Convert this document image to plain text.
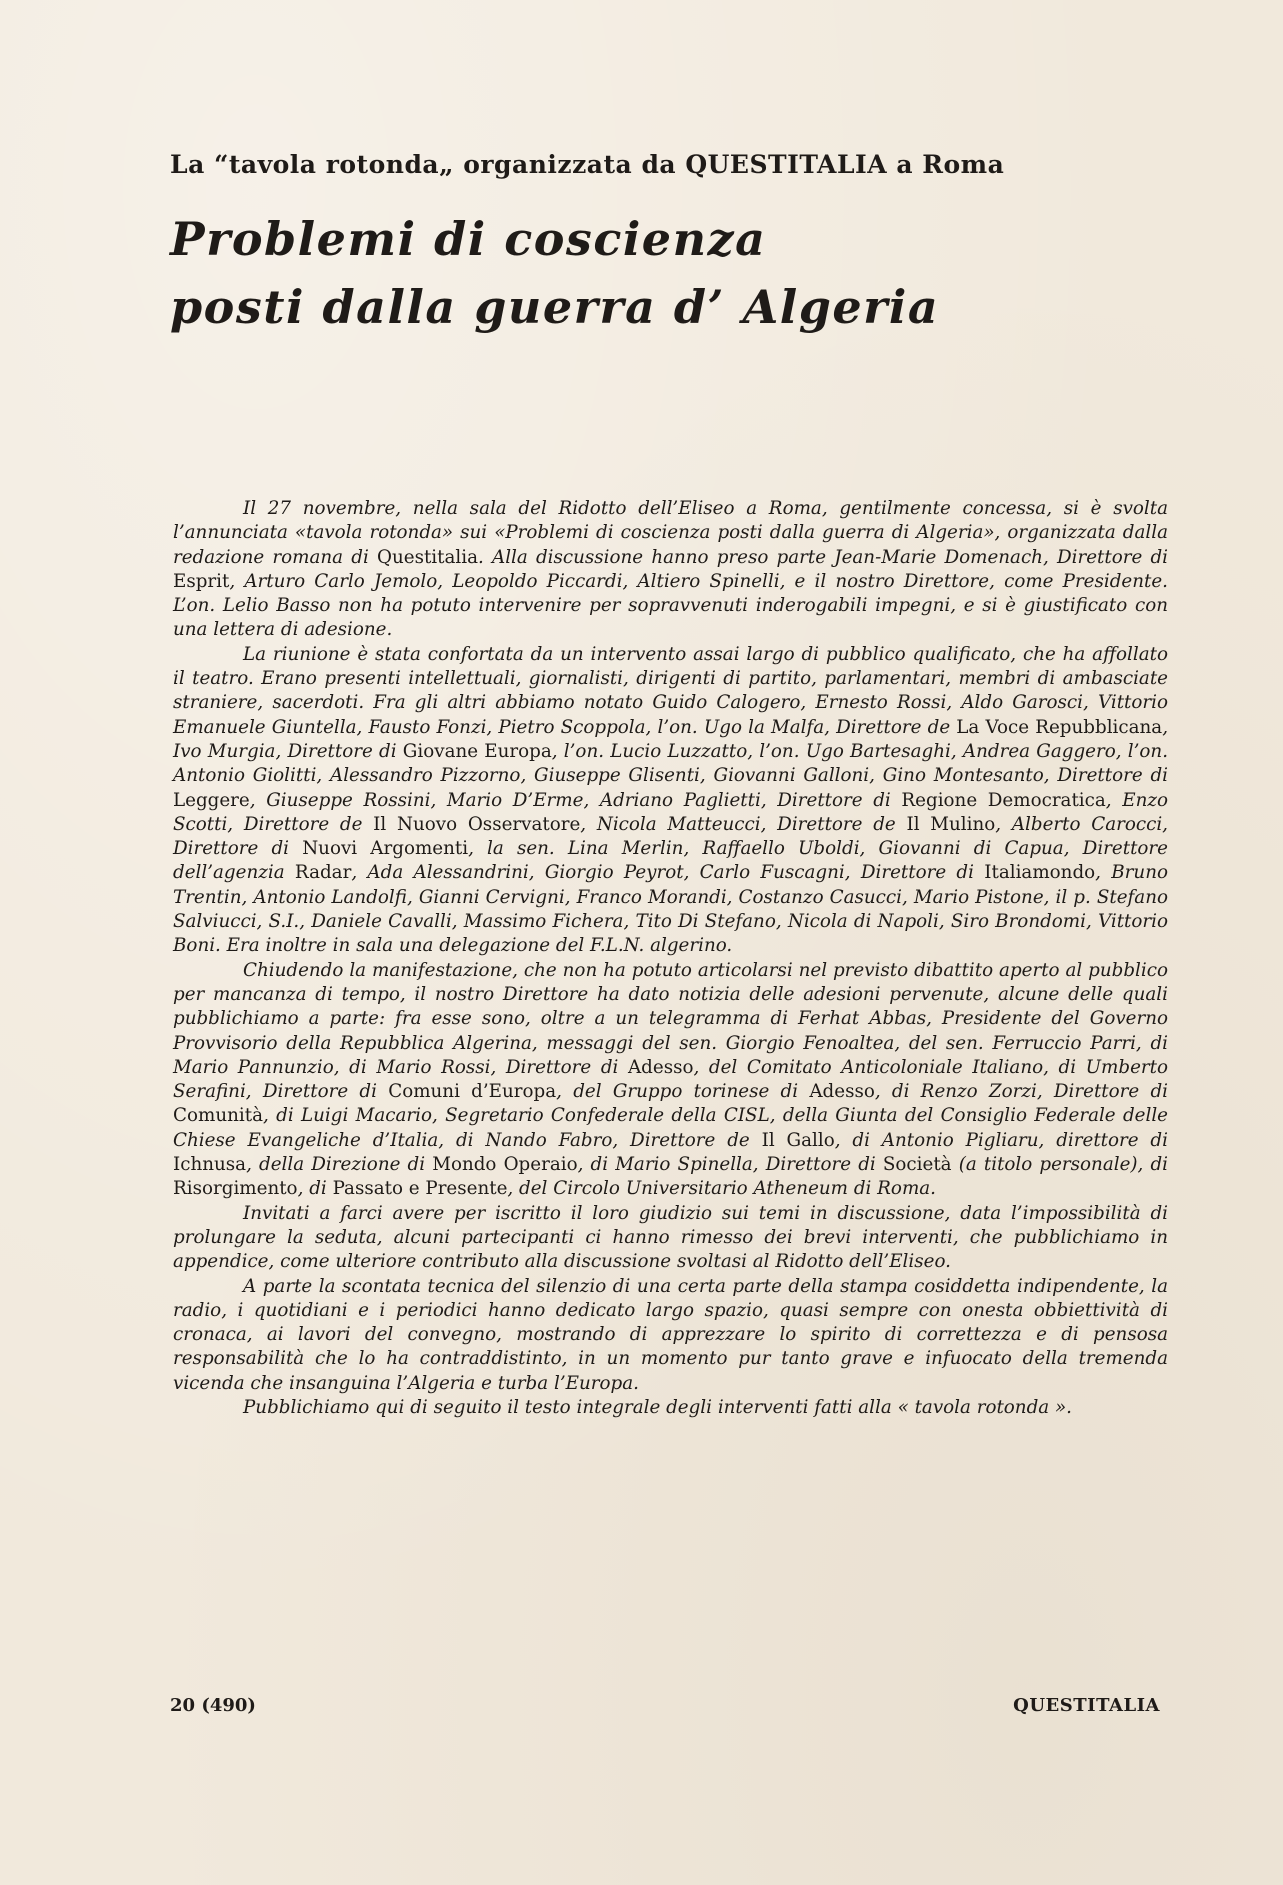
La “tavola rotonda„ organizzata da QUESTITALIA a Roma
Problemi di coscienza
posti dalla guerra d’ Algeria

Il 27 novembre, nella sala del Ridotto dell’Eliseo a Roma, gentilmente concessa, si è svolta l’annunciata «tavola rotonda» sui «Problemi di coscienza posti dalla guerra di Algeria», organizzata dalla redazione romana di Questitalia. Alla discussione hanno preso parte Jean-Marie Domenach, Direttore di Esprit, Arturo Carlo Jemolo, Leopoldo Piccardi, Altiero Spinelli, e il nostro Direttore, come Presidente. L’on. Lelio Basso non ha potuto intervenire per sopravvenuti inderogabili impegni, e si è giustificato con una lettera di adesione.

La riunione è stata confortata da un intervento assai largo di pubblico qualificato, che ha affollato il teatro. Erano presenti intellettuali, giornalisti, dirigenti di partito, parlamentari, membri di ambasciate straniere, sacerdoti. Fra gli altri abbiamo notato Guido Calogero, Ernesto Rossi, Aldo Garosci, Vittorio Emanuele Giuntella, Fausto Fonzi, Pietro Scoppola, l’on. Ugo la Malfa, Direttore de La Voce Repubblicana, Ivo Murgia, Direttore di Giovane Europa, l’on. Lucio Luzzatto, l’on. Ugo Bartesaghi, Andrea Gaggero, l’on. Antonio Giolitti, Alessandro Pizzorno, Giuseppe Glisenti, Giovanni Galloni, Gino Montesanto, Direttore di Leggere, Giuseppe Rossini, Mario D’Erme, Adriano Paglietti, Direttore di Regione Democratica, Enzo Scotti, Direttore de Il Nuovo Osservatore, Nicola Matteucci, Direttore de Il Mulino, Alberto Carocci, Direttore di Nuovi Argomenti, la sen. Lina Merlin, Raffaello Uboldi, Giovanni di Capua, Direttore dell’agenzia Radar, Ada Alessandrini, Giorgio Peyrot, Carlo Fuscagni, Direttore di Italiamondo, Bruno Trentin, Antonio Landolfi, Gianni Cervigni, Franco Morandi, Costanzo Casucci, Mario Pistone, il p. Stefano Salviucci, S.I., Daniele Cavalli, Massimo Fichera, Tito Di Stefano, Nicola di Napoli, Siro Brondomi, Vittorio Boni. Era inoltre in sala una delegazione del F.L.N. algerino.

Chiudendo la manifestazione, che non ha potuto articolarsi nel previsto dibattito aperto al pubblico per mancanza di tempo, il nostro Direttore ha dato notizia delle adesioni pervenute, alcune delle quali pubblichiamo a parte: fra esse sono, oltre a un telegramma di Ferhat Abbas, Presidente del Governo Provvisorio della Repubblica Algerina, messaggi del sen. Giorgio Fenoaltea, del sen. Ferruccio Parri, di Mario Pannunzio, di Mario Rossi, Direttore di Adesso, del Comitato Anticoloniale Italiano, di Umberto Serafini, Direttore di Comuni d’Europa, del Gruppo torinese di Adesso, di Renzo Zorzi, Direttore di Comunità, di Luigi Macario, Segretario Confederale della CISL, della Giunta del Consiglio Federale delle Chiese Evangeliche d’Italia, di Nando Fabro, Direttore de Il Gallo, di Antonio Pigliaru, direttore di Ichnusa, della Direzione di Mondo Operaio, di Mario Spinella, Direttore di Società (a titolo personale), di Risorgimento, di Passato e Presente, del Circolo Universitario Atheneum di Roma.

Invitati a farci avere per iscritto il loro giudizio sui temi in discussione, data l’impossibilità di prolungare la seduta, alcuni partecipanti ci hanno rimesso dei brevi interventi, che pubblichiamo in appendice, come ulteriore contributo alla discussione svoltasi al Ridotto dell’Eliseo.

A parte la scontata tecnica del silenzio di una certa parte della stampa cosiddetta indipendente, la radio, i quotidiani e i periodici hanno dedicato largo spazio, quasi sempre con onesta obbiettività di cronaca, ai lavori del convegno, mostrando di apprezzare lo spirito di correttezza e di pensosa responsabilità che lo ha contraddistinto, in un momento pur tanto grave e infuocato della tremenda vicenda che insanguina l’Algeria e turba l’Europa.

Pubblichiamo qui di seguito il testo integrale degli interventi fatti alla « tavola rotonda ».

20 (490)	QUESTITALIA
